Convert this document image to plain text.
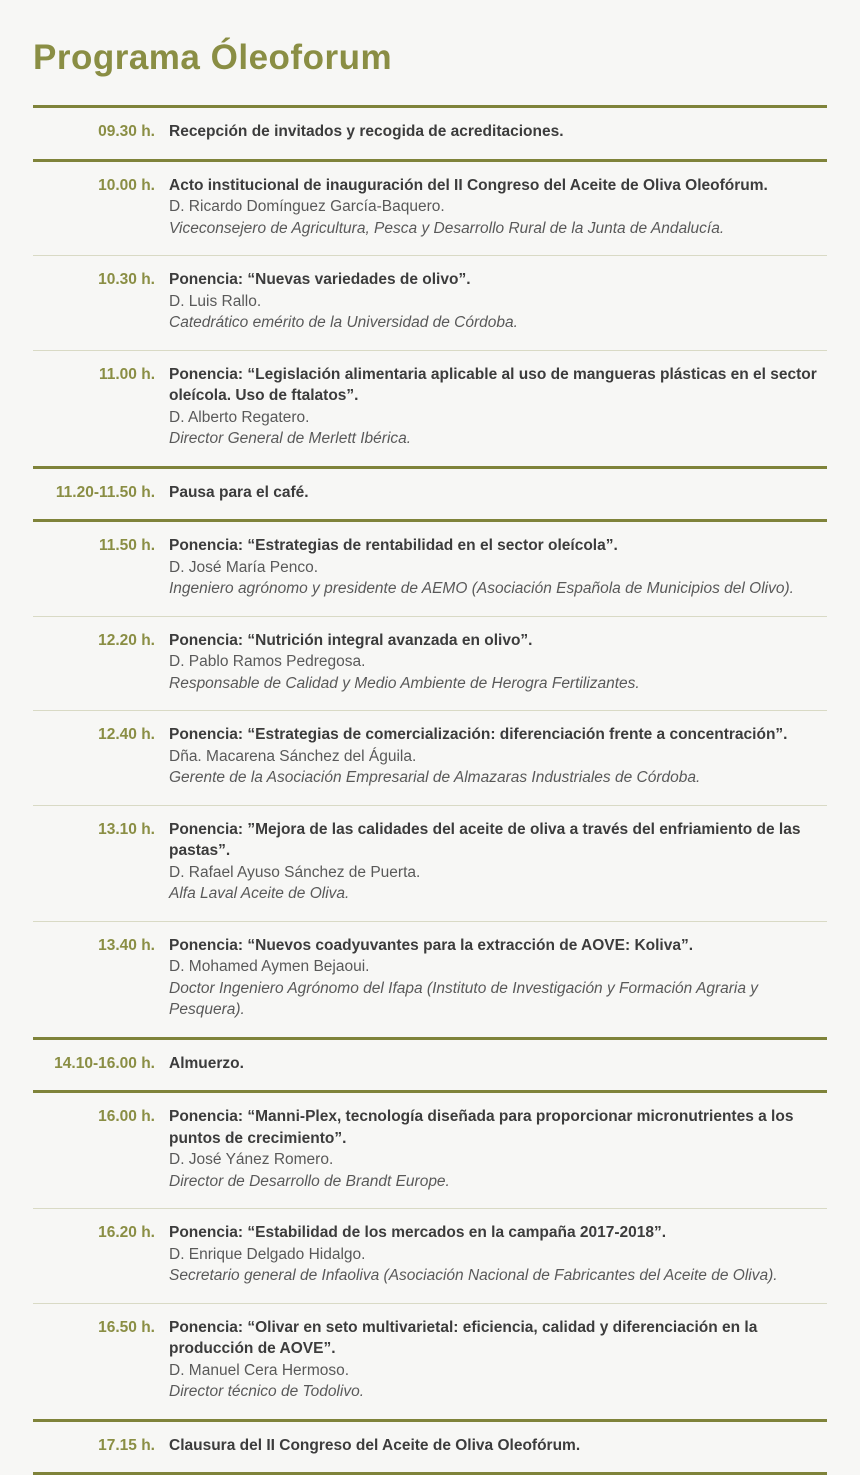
Programa Óleoforum
09.30 h. Recepción de invitados y recogida de acreditaciones.
10.00 h. Acto institucional de inauguración del II Congreso del Aceite de Oliva Oleofórum.
D. Ricardo Domínguez García-Baquero.
Viceconsejero de Agricultura, Pesca y Desarrollo Rural de la Junta de Andalucía.
10.30 h. Ponencia: “Nuevas variedades de olivo”.
D. Luis Rallo.
Catedrático emérito de la Universidad de Córdoba.
11.00 h. Ponencia: “Legislación alimentaria aplicable al uso de mangueras plásticas en el sector oleícola. Uso de ftalatos”.
D. Alberto Regatero.
Director General de Merlett Ibérica.
11.20-11.50 h. Pausa para el café.
11.50 h. Ponencia: “Estrategias de rentabilidad en el sector oleícola”.
D. José María Penco.
Ingeniero agrónomo y presidente de AEMO (Asociación Española de Municipios del Olivo).
12.20 h. Ponencia: “Nutrición integral avanzada en olivo”.
D. Pablo Ramos Pedregosa.
Responsable de Calidad y Medio Ambiente de Herogra Fertilizantes.
12.40 h. Ponencia: “Estrategias de comercialización: diferenciación frente a concentración”.
Dña. Macarena Sánchez del Águila.
Gerente de la Asociación Empresarial de Almazaras Industriales de Córdoba.
13.10 h. Ponencia: ”Mejora de las calidades del aceite de oliva a través del enfriamiento de las pastas”.
D. Rafael Ayuso Sánchez de Puerta.
Alfa Laval Aceite de Oliva.
13.40 h. Ponencia: “Nuevos coadyuvantes para la extracción de AOVE: Koliva”.
D. Mohamed Aymen Bejaoui.
Doctor Ingeniero Agrónomo del Ifapa (Instituto de Investigación y Formación Agraria y Pesquera).
14.10-16.00 h. Almuerzo.
16.00 h. Ponencia: “Manni-Plex, tecnología diseñada para proporcionar micronutrientes a los puntos de crecimiento”.
D. José Yánez Romero.
Director de Desarrollo de Brandt Europe.
16.20 h. Ponencia: “Estabilidad de los mercados en la campaña 2017-2018”.
D. Enrique Delgado Hidalgo.
Secretario general de Infaoliva (Asociación Nacional de Fabricantes del Aceite de Oliva).
16.50 h. Ponencia: “Olivar en seto multivarietal: eficiencia, calidad y diferenciación en la producción de AOVE”.
D. Manuel Cera Hermoso.
Director técnico de Todolivo.
17.15 h. Clausura del II Congreso del Aceite de Oliva Oleofórum.
